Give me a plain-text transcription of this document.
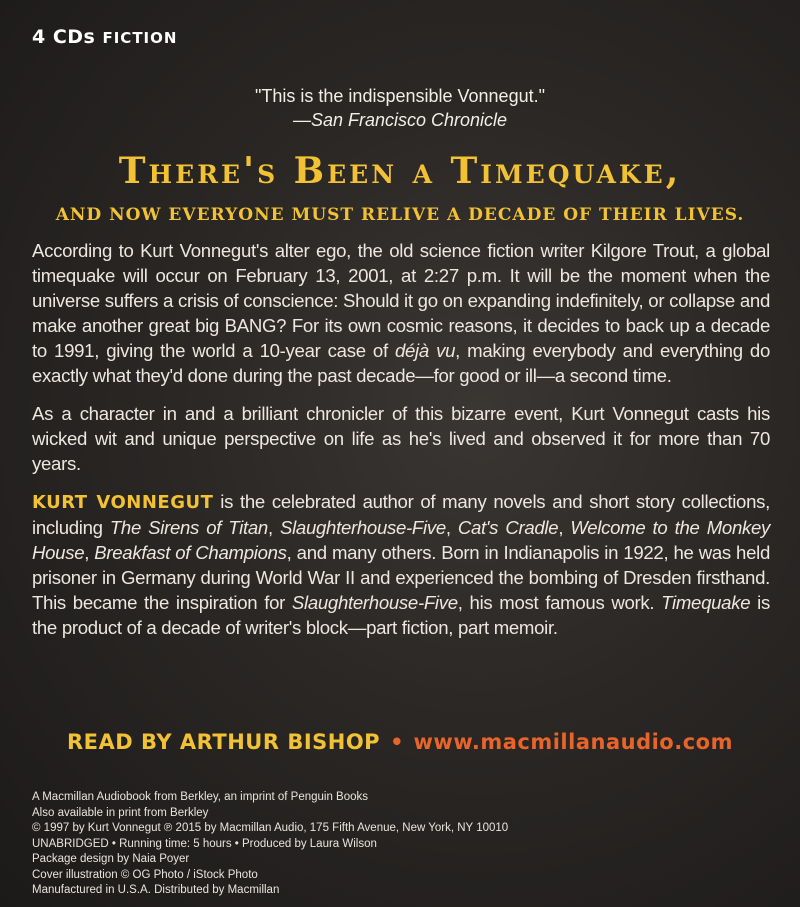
4 CDs FICTION
"This is the indispensible Vonnegut."
—San Francisco Chronicle
There's Been a Timequake,
AND NOW EVERYONE MUST RELIVE A DECADE OF THEIR LIVES.

According to Kurt Vonnegut's alter ego, the old science fiction writer Kilgore Trout, a global timequake will occur on February 13, 2001, at 2:27 p.m. It will be the moment when the universe suffers a crisis of conscience: Should it go on expanding indefinitely, or collapse and make another great big BANG? For its own cosmic reasons, it decides to back up a decade to 1991, giving the world a 10-year case of déjà vu, making everybody and everything do exactly what they'd done during the past decade—for good or ill—a second time.

As a character in and a brilliant chronicler of this bizarre event, Kurt Vonnegut casts his wicked wit and unique perspective on life as he's lived and observed it for more than 70 years.

KURT VONNEGUT is the celebrated author of many novels and short story collections, including The Sirens of Titan, Slaughterhouse-Five, Cat's Cradle, Welcome to the Monkey House, Breakfast of Champions, and many others. Born in Indianapolis in 1922, he was held prisoner in Germany during World War II and experienced the bombing of Dresden firsthand. This became the inspiration for Slaughterhouse-Five, his most famous work. Timequake is the product of a decade of writer's block—part fiction, part memoir.

READ BY ARTHUR BISHOP • www.macmillanaudio.com
A Macmillan Audiobook from Berkley, an imprint of Penguin Books
Also available in print from Berkley
© 1997 by Kurt Vonnegut ℗ 2015 by Macmillan Audio, 175 Fifth Avenue, New York, NY 10010
UNABRIDGED • Running time: 5 hours • Produced by Laura Wilson
Package design by Naia Poyer
Cover illustration © OG Photo / iStock Photo
Manufactured in U.S.A. Distributed by Macmillan
